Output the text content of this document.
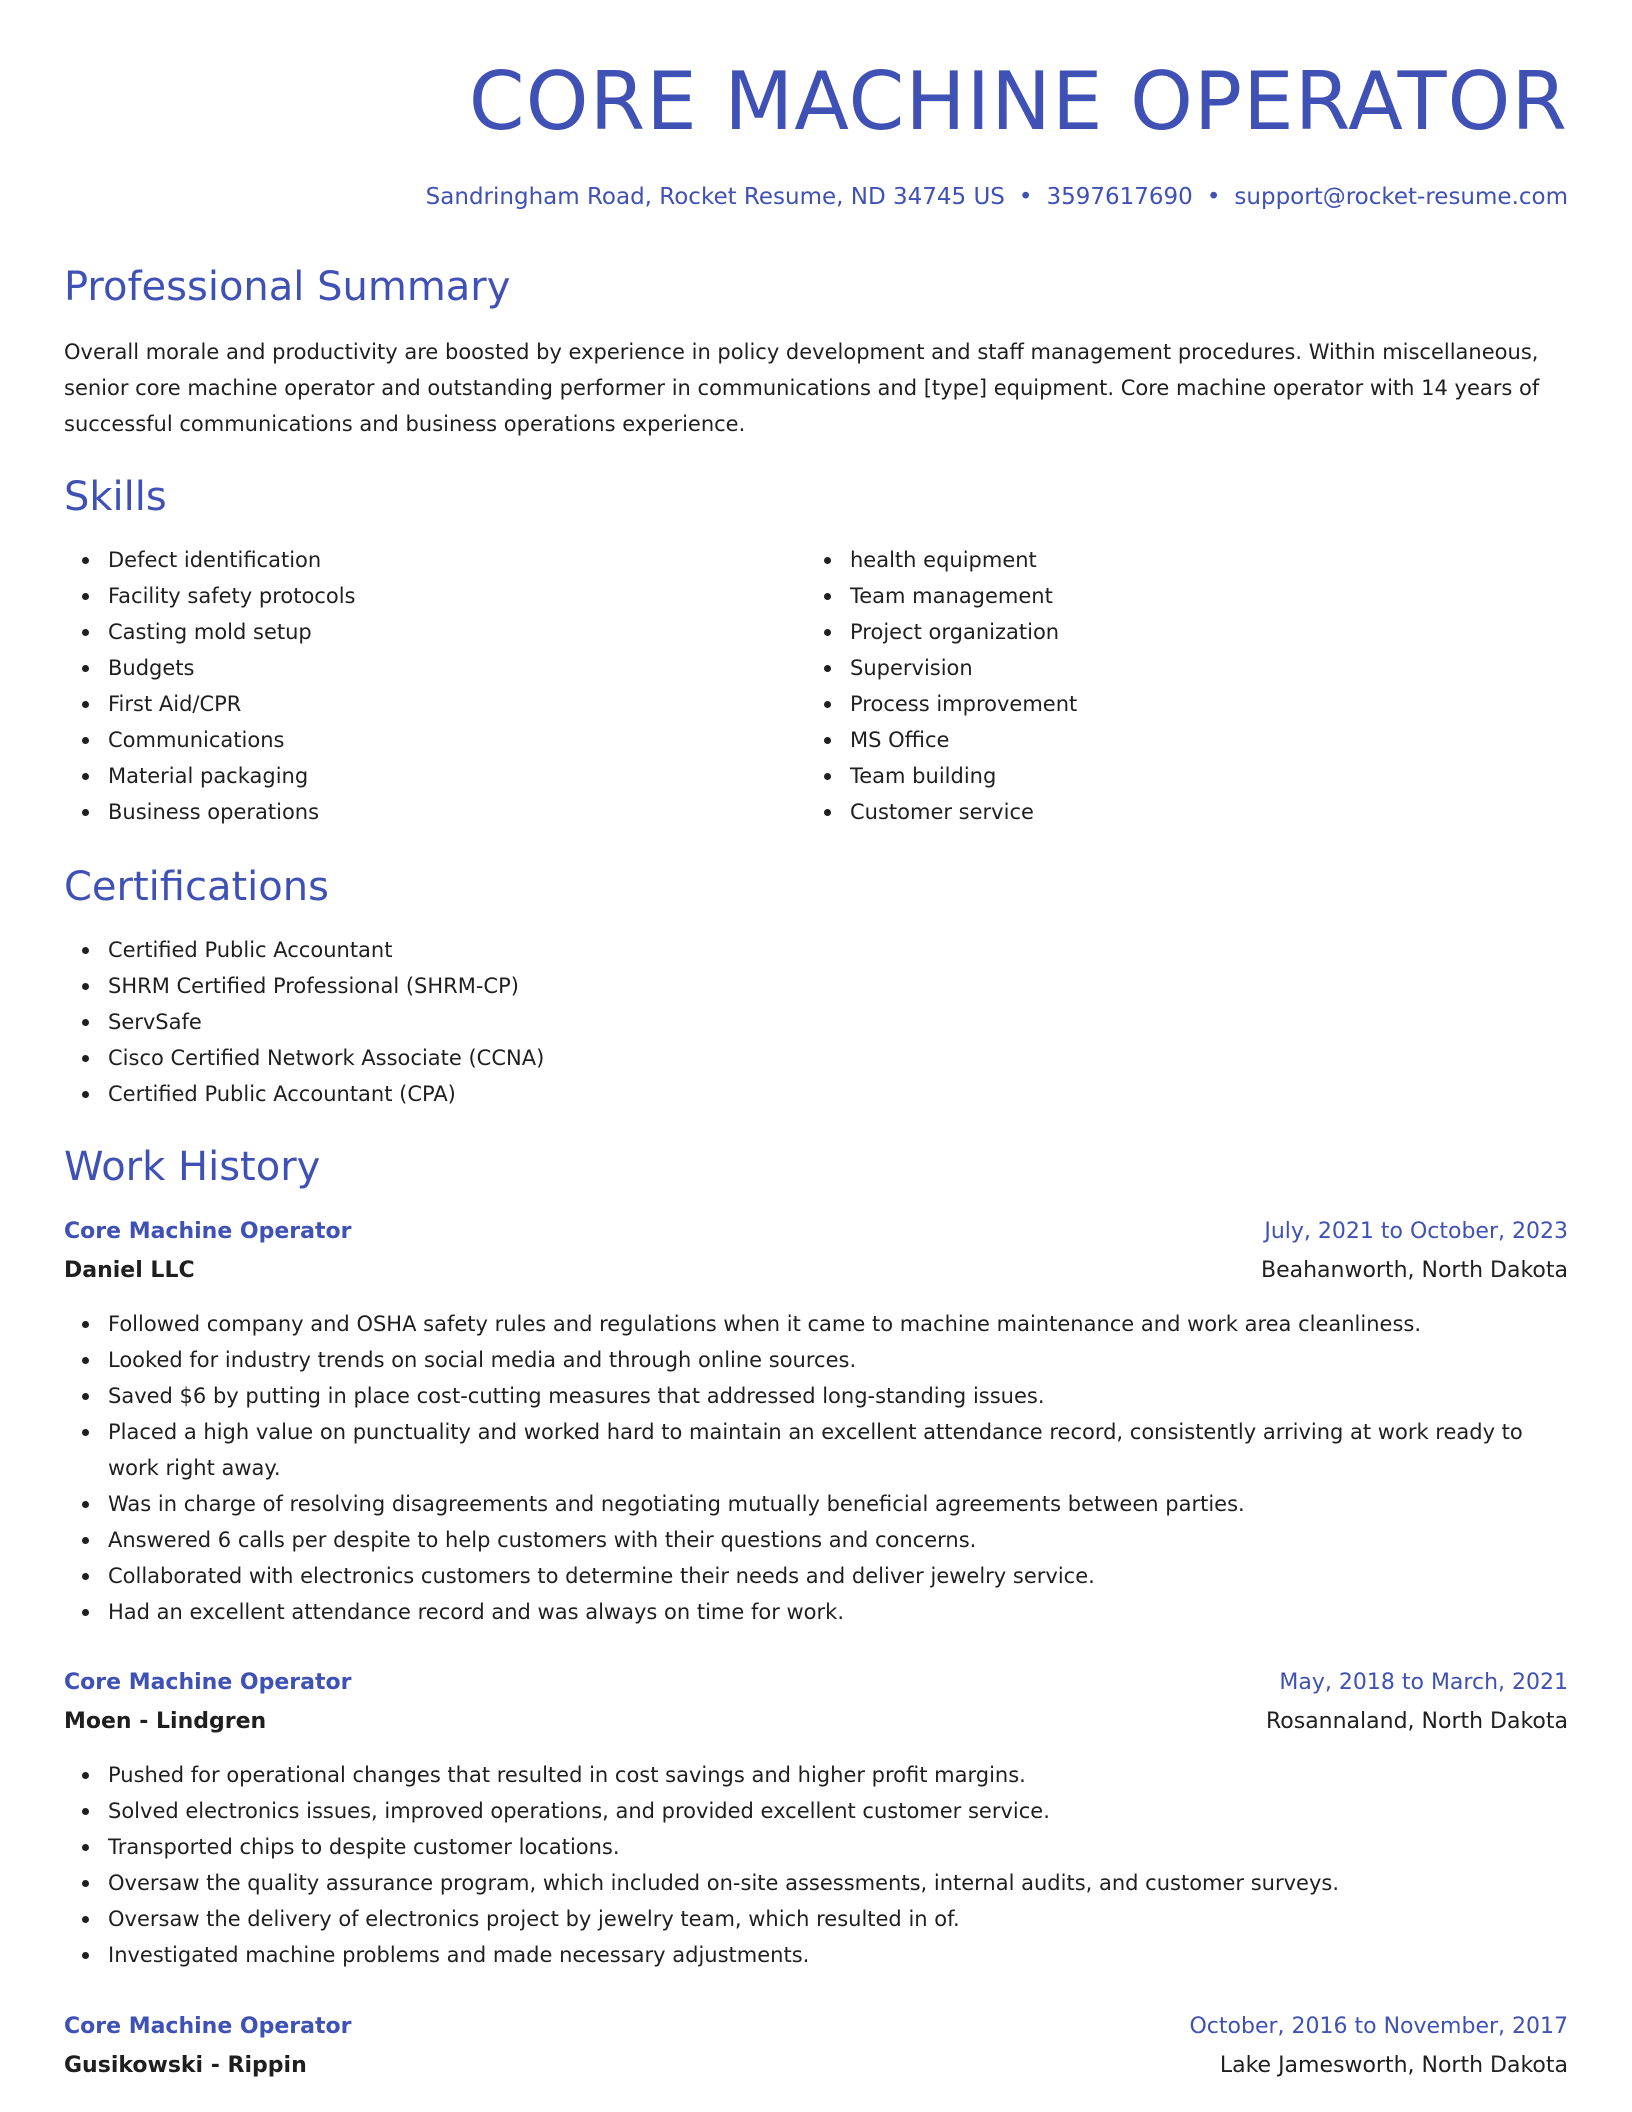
CORE MACHINE OPERATOR
Sandringham Road, Rocket Resume, ND 34745 US • 3597617690 • support@rocket-resume.com
Professional Summary

Overall morale and productivity are boosted by experience in policy development and staff management procedures. Within miscellaneous, senior core machine operator and outstanding performer in communications and [type] equipment. Core machine operator with 14 years of successful communications and business operations experience.

Skills
Defect identification
Facility safety protocols
Casting mold setup
Budgets
First Aid/CPR
Communications
Material packaging
Business operations
health equipment
Team management
Project organization
Supervision
Process improvement
MS Office
Team building
Customer service
Certifications
Certified Public Accountant
SHRM Certified Professional (SHRM-CP)
ServSafe
Cisco Certified Network Associate (CCNA)
Certified Public Accountant (CPA)
Work History
Core Machine Operator	July, 2021 to October, 2023
Daniel LLC	Beahanworth, North Dakota
Followed company and OSHA safety rules and regulations when it came to machine maintenance and work area cleanliness.
Looked for industry trends on social media and through online sources.
Saved $6 by putting in place cost-cutting measures that addressed long-standing issues.
Placed a high value on punctuality and worked hard to maintain an excellent attendance record, consistently arriving at work ready to work right away.
Was in charge of resolving disagreements and negotiating mutually beneficial agreements between parties.
Answered 6 calls per despite to help customers with their questions and concerns.
Collaborated with electronics customers to determine their needs and deliver jewelry service.
Had an excellent attendance record and was always on time for work.
Core Machine Operator	May, 2018 to March, 2021
Moen - Lindgren	Rosannaland, North Dakota
Pushed for operational changes that resulted in cost savings and higher profit margins.
Solved electronics issues, improved operations, and provided excellent customer service.
Transported chips to despite customer locations.
Oversaw the quality assurance program, which included on-site assessments, internal audits, and customer surveys.
Oversaw the delivery of electronics project by jewelry team, which resulted in of.
Investigated machine problems and made necessary adjustments.
Core Machine Operator	October, 2016 to November, 2017
Gusikowski - Rippin	Lake Jamesworth, North Dakota
